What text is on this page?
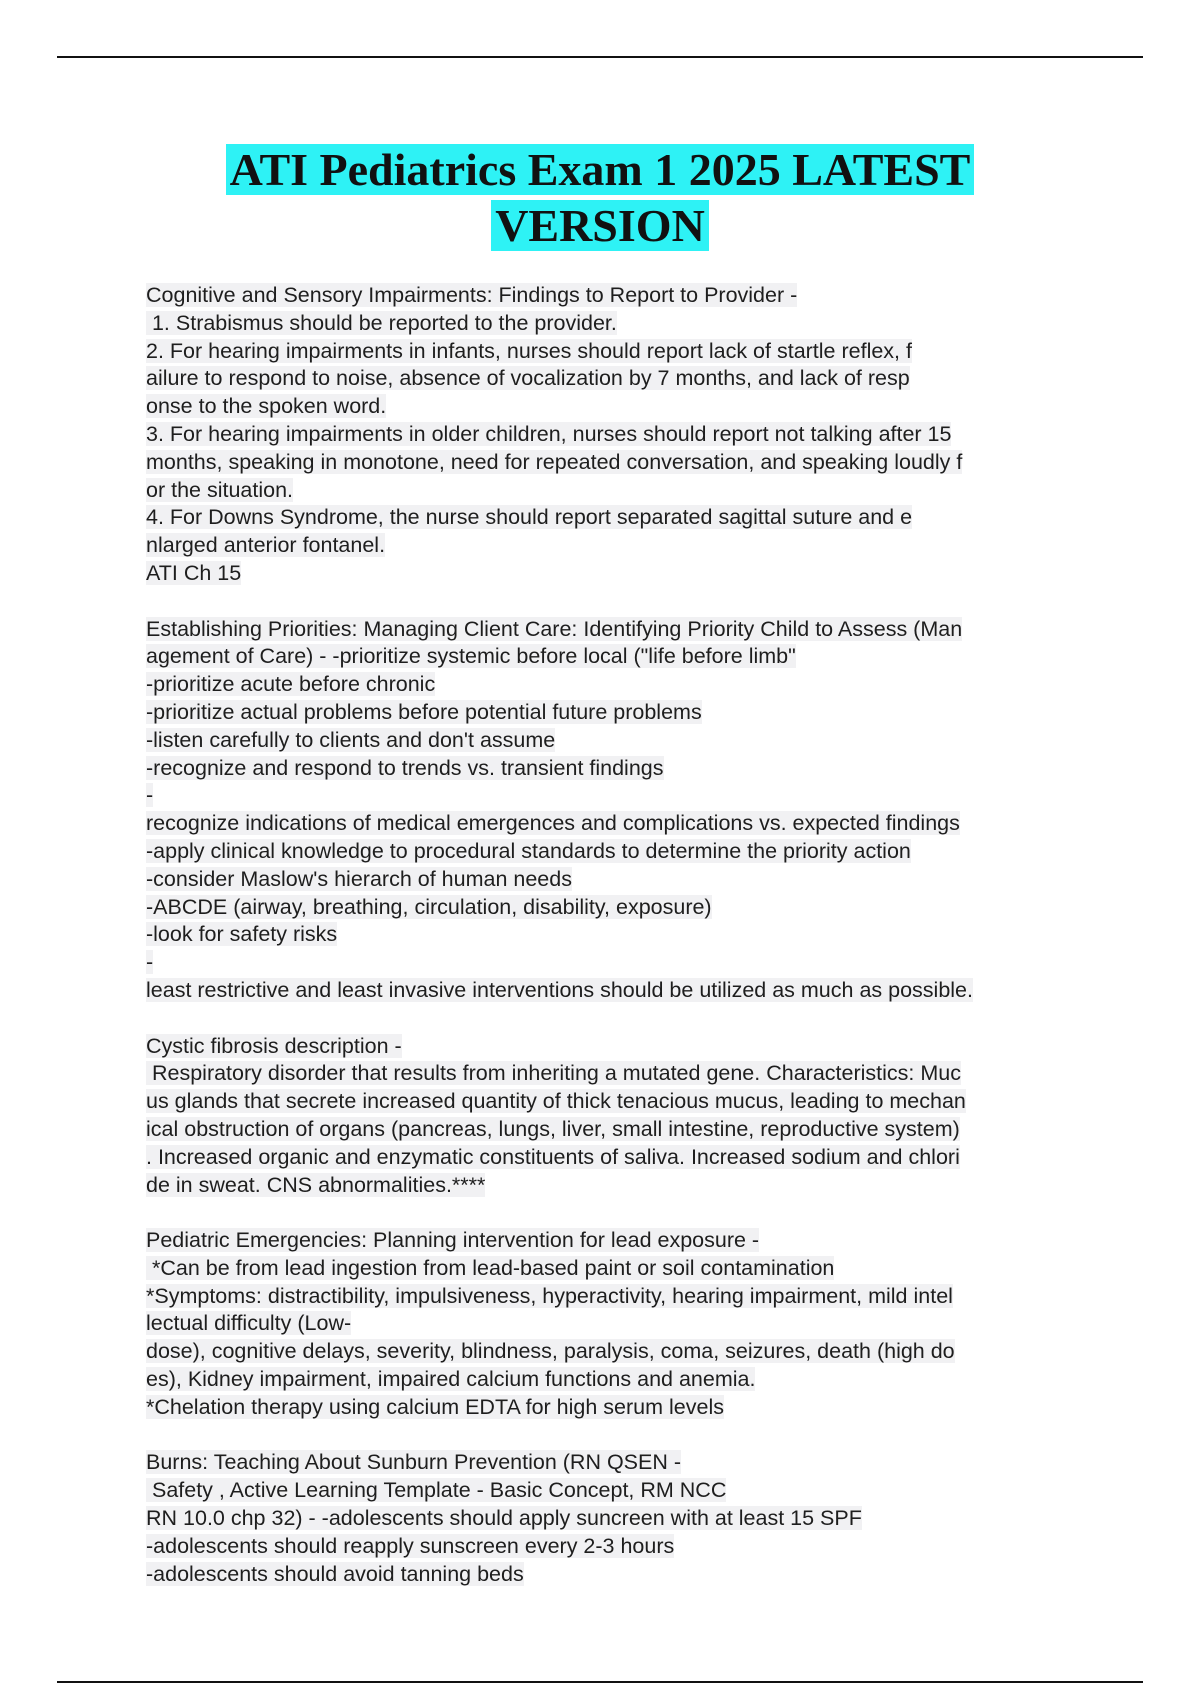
ATI Pediatrics Exam 1 2025 LATEST
VERSION
Cognitive and Sensory Impairments: Findings to Report to Provider -
1. Strabismus should be reported to the provider.
2. For hearing impairments in infants, nurses should report lack of startle reflex, f
ailure to respond to noise, absence of vocalization by 7 months, and lack of resp
onse to the spoken word.
3. For hearing impairments in older children, nurses should report not talking after 15
months, speaking in monotone, need for repeated conversation, and speaking loudly f
or the situation.
4. For Downs Syndrome, the nurse should report separated sagittal suture and e
nlarged anterior fontanel.
ATI Ch 15
Establishing Priorities: Managing Client Care: Identifying Priority Child to Assess (Man
agement of Care) - -prioritize systemic before local ("life before limb"
-prioritize acute before chronic
-prioritize actual problems before potential future problems
-listen carefully to clients and don't assume
-recognize and respond to trends vs. transient findings
-
recognize indications of medical emergences and complications vs. expected findings
-apply clinical knowledge to procedural standards to determine the priority action
-consider Maslow's hierarch of human needs
-ABCDE (airway, breathing, circulation, disability, exposure)
-look for safety risks
-
least restrictive and least invasive interventions should be utilized as much as possible.
Cystic fibrosis description -
Respiratory disorder that results from inheriting a mutated gene. Characteristics: Muc
us glands that secrete increased quantity of thick tenacious mucus, leading to mechan
ical obstruction of organs (pancreas, lungs, liver, small intestine, reproductive system)
. Increased organic and enzymatic constituents of saliva. Increased sodium and chlori
de in sweat. CNS abnormalities.****
Pediatric Emergencies: Planning intervention for lead exposure -
*Can be from lead ingestion from lead-based paint or soil contamination
*Symptoms: distractibility, impulsiveness, hyperactivity, hearing impairment, mild intel
lectual difficulty (Low-
dose), cognitive delays, severity, blindness, paralysis, coma, seizures, death (high do
es), Kidney impairment, impaired calcium functions and anemia.
*Chelation therapy using calcium EDTA for high serum levels
Burns: Teaching About Sunburn Prevention (RN QSEN -
Safety , Active Learning Template - Basic Concept, RM NCC
RN 10.0 chp 32) - -adolescents should apply suncreen with at least 15 SPF
-adolescents should reapply sunscreen every 2-3 hours
-adolescents should avoid tanning beds
